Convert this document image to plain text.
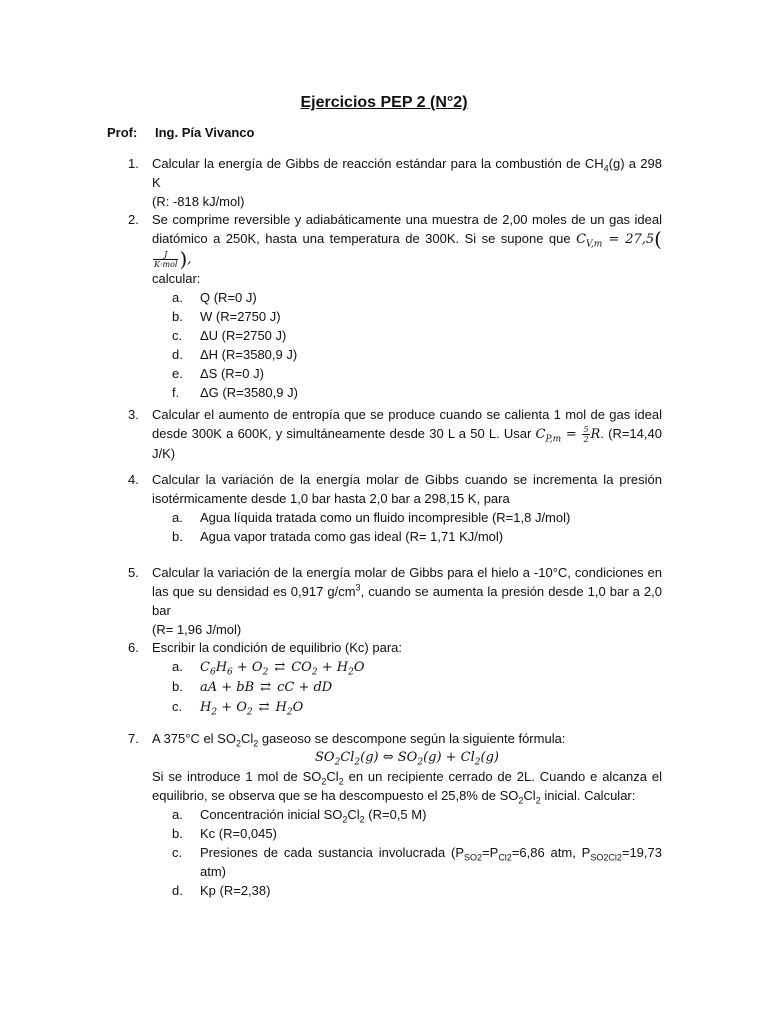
Ejercicios PEP 2 (N°2)
Prof: Ing. Pía Vivanco
1.	Calcular la energía de Gibbs de reacción estándar para la combustión de $CH_4(g)$ a 298 K

(R: -818 kJ/mol)

2.	Se comprime reversible y adiabáticamente una muestra de 2,00 moles de un gas ideal diatómico a 250K, hasta una temperatura de 300K. Si se supone que $C_{V,m} = 27,5$(
$\frac{J}{\text{K·mol}}$ ),

calcular:

a. Q (R=0 J)
b. W (R=2750 J)
c. ΔU (R=2750 J)
d. ΔH (R=3580,9 J)
e. ΔS (R=0 J)
f. ΔG (R=3580,9 J)
3.	Calcular el aumento de entropía que se produce cuando se calienta 1 mol de gas ideal desde 300K a 600K, y simultáneamente desde 30 L a 50 L. Usar $C_{P,m} = \frac{5}{2} R$. (R=14,40 J/K)

4.	Calcular la variación de la energía molar de Gibbs cuando se incrementa la presión isotérmicamente desde 1,0 bar hasta 2,0 bar a 298,15 K, para

a. Agua líquida tratada como un fluido incompresible (R=1,8 J/mol)
b. Agua vapor tratada como gas ideal (R= 1,71 KJ/mol)
5.	Calcular la variación de la energía molar de Gibbs para el hielo a -10°C, condiciones en las que su densidad es 0,917 $g/cm^3$, cuando se aumenta la presión desde 1,0 bar a 2,0 bar

(R= 1,96 J/mol)

6.	Escribir la condición de equilibrio (Kc) para:

a. $C_6H_6 + O_2$ ⇄ $CO_2 + H_2O$
b. aA + bB ⇄ cC + dD
c. $H_2 + O_2$ ⇄ $H_2O$
7.	A 375°C el $SO_2Cl_2$ gaseoso se descompone según la siguiente fórmula:

$SO_2Cl_2(g)$ ⇔ $SO_2(g) + Cl_2(g)$

Si se introduce 1 mol de $SO_2Cl_2$ en un recipiente cerrado de 2L. Cuando e alcanza el equilibrio, se observa que se ha descompuesto el 25,8% de $SO_2Cl_2$ inicial. Calcular:

a. Concentración inicial $SO_2Cl_2$ (R=0,5 M)
b. Kc (R=0,045)
c. Presiones de cada sustancia involucrada ($P_{SO2}=P_{Cl2}=6,86$ atm, $P_{SO2Cl2}=19,73$ atm)
d. Kp (R=2,38)
